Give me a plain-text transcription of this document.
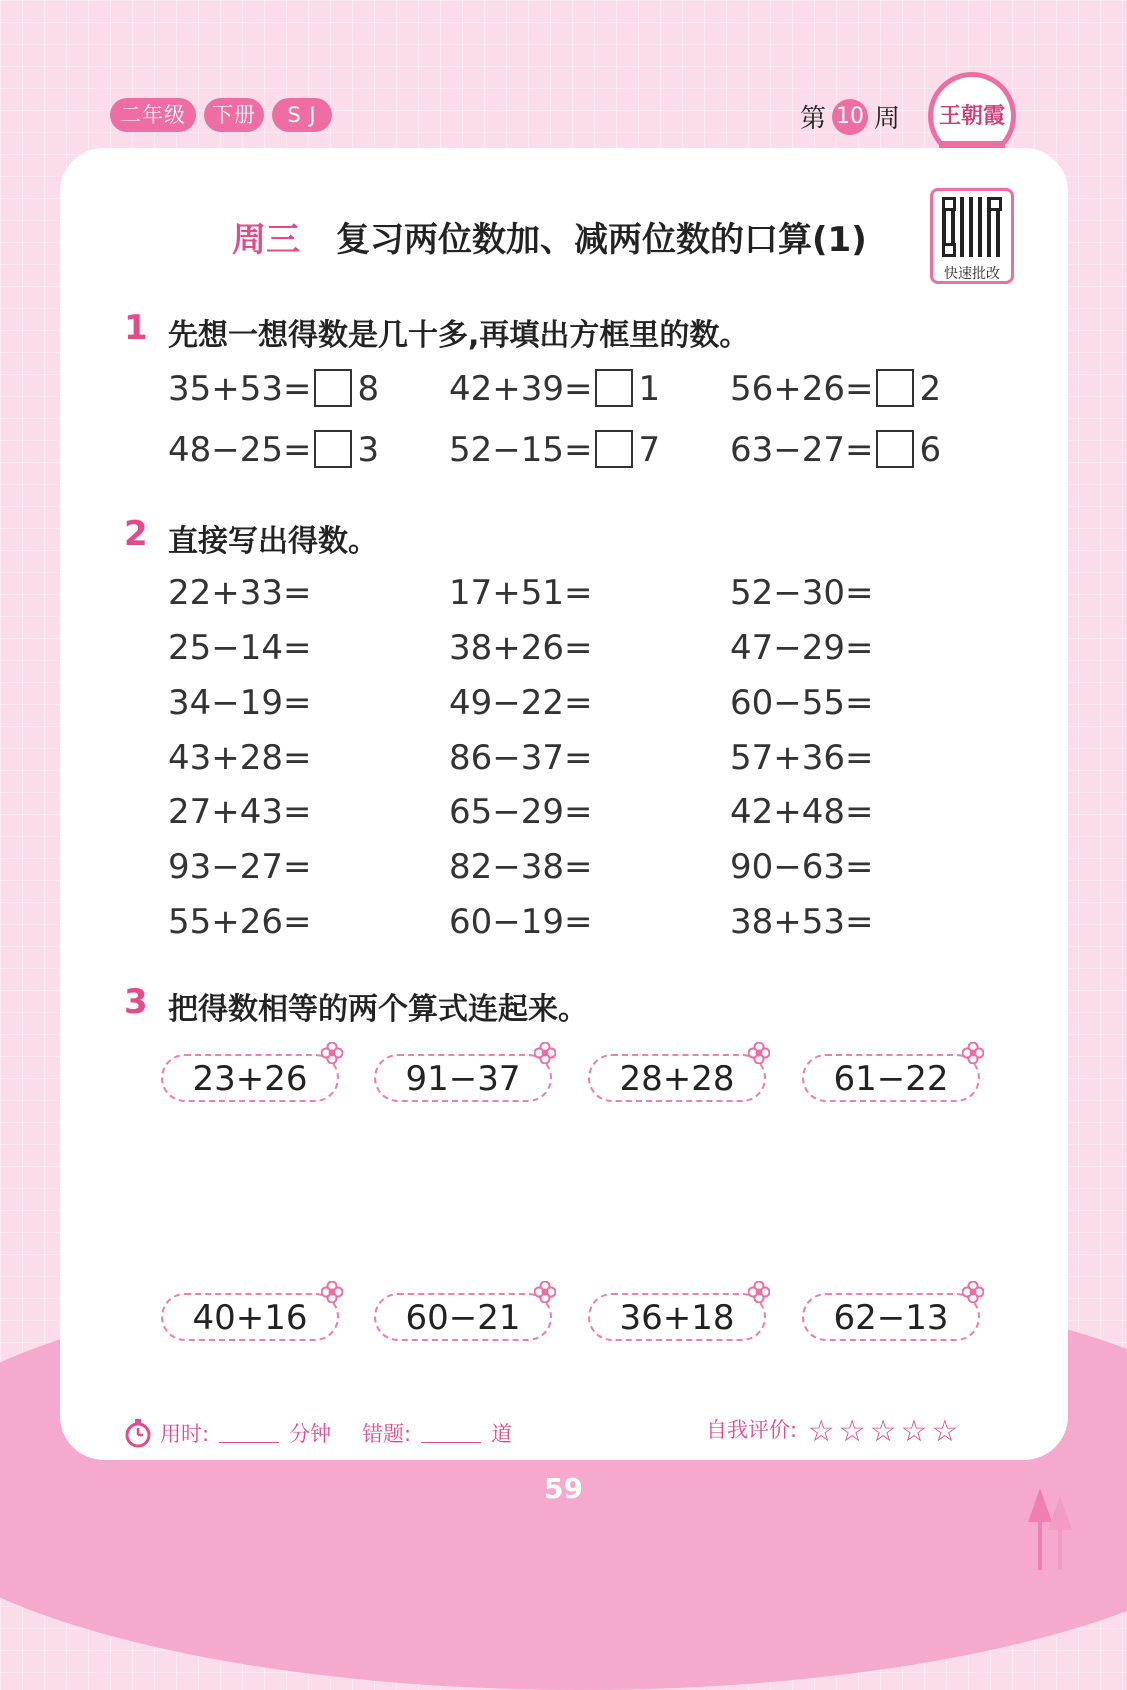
二年级	下册	S J	第 10 周 王朝霞
周三 复习两位数加、减两位数的口算(1)
快速批改
1 先想一想得数是几十多,再填出方框里的数。
35+53= 8 42+39= 1 56+26= 2
48−25= 3 52−15= 7 63−27= 6
2 直接写出得数。
22+33=	17+51=	52−30=
25−14=	38+26=	47−29=
34−19=	49−22=	60−55=
43+28=	86−37=	57+36=
27+43=	65−29=	42+48=
93−27=	82−38=	90−63=
55+26=	60−19=	38+53=
3 把得数相等的两个算式连起来。
23+26	91−37	28+28	61−22
40+16	60−21	36+18	62−13
用时:	分钟 错题:	道	自我评价: ☆ ☆ ☆ ☆ ☆
59
